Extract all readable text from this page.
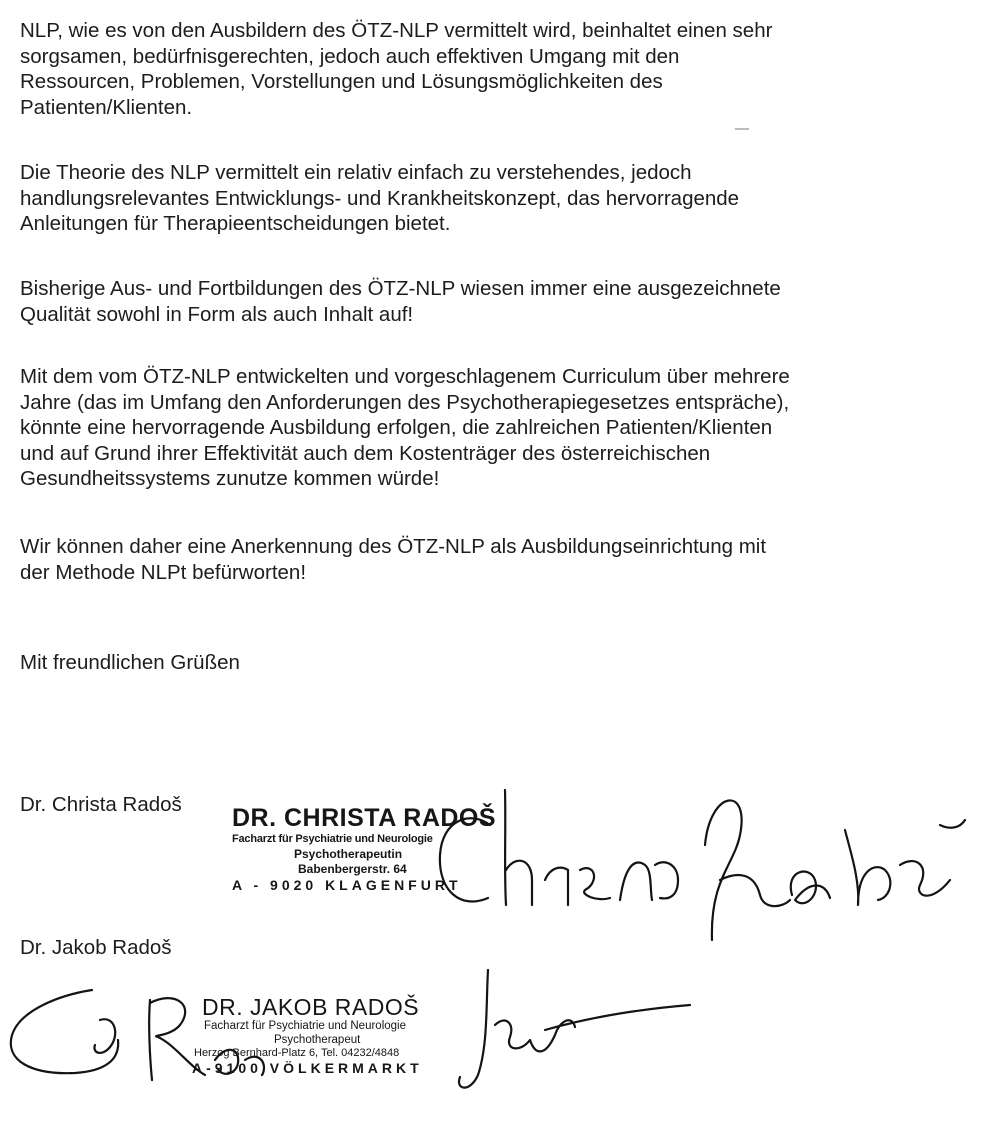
NLP, wie es von den Ausbildern des ÖTZ-NLP vermittelt wird, beinhaltet einen sehr
sorgsamen, bedürfnisgerechten, jedoch auch effektiven Umgang mit den
Ressourcen, Problemen, Vorstellungen und Lösungsmöglichkeiten des
Patienten/Klienten.

Die Theorie des NLP vermittelt ein relativ einfach zu verstehendes, jedoch
handlungsrelevantes Entwicklungs- und Krankheitskonzept, das hervorragende
Anleitungen für Therapieentscheidungen bietet.

Bisherige Aus- und Fortbildungen des ÖTZ-NLP wiesen immer eine ausgezeichnete
Qualität sowohl in Form als auch Inhalt auf!

Mit dem vom ÖTZ-NLP entwickelten und vorgeschlagenem Curriculum über mehrere
Jahre (das im Umfang den Anforderungen des Psychotherapiegesetzes entspräche),
könnte eine hervorragende Ausbildung erfolgen, die zahlreichen Patienten/Klienten
und auf Grund ihrer Effektivität auch dem Kostenträger des österreichischen
Gesundheitssystems zunutze kommen würde!

Wir können daher eine Anerkennung des ÖTZ-NLP als Ausbildungseinrichtung mit
der Methode NLPt befürworten!

Mit freundlichen Grüßen

Dr. Christa Radoš DR. CHRISTA RADOŠ
Facharzt für Psychiatrie und Neurologie
Psychotherapeutin
Babenbergerstr. 64
A - 9020 KLAGENFURT
Dr. Jakob Radoš
DR. JAKOB RADOŠ
Facharzt für Psychiatrie und Neurologie
Psychotherapeut
Herzog Bernhard-Platz 6, Tel. 04232/4848
A-9100 VÖLKERMARKT
